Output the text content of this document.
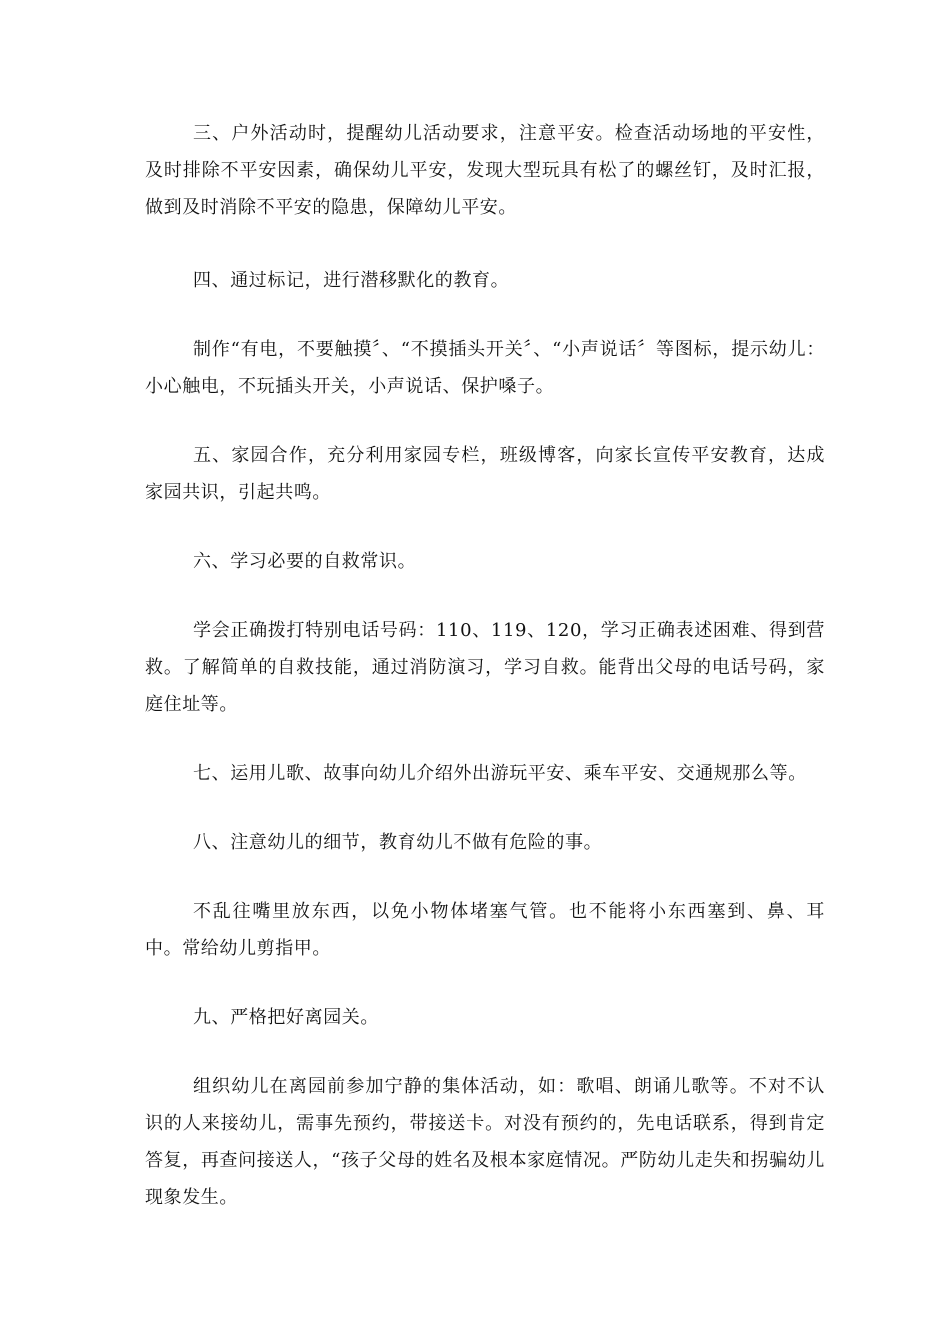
三、户外活动时，提醒幼儿活动要求，注意平安。检查活动场地的平安性，及时排除不平安因素，确保幼儿平安，发现大型玩具有松了的螺丝钉，及时汇报，做到及时消除不平安的隐患，保障幼儿平安。

四、通过标记，进行潜移默化的教育。

制作“有电，不要触摸〞、“不摸插头开关〞、“小声说话〞等图标，提示幼儿：小心触电，不玩插头开关，小声说话、保护嗓子。

五、家园合作，充分利用家园专栏，班级博客，向家长宣传平安教育，达成家园共识，引起共鸣。

六、学习必要的自救常识。

学会正确拨打特别电话号码：110、119、120，学习正确表述困难、得到营救。了解简单的自救技能，通过消防演习，学习自救。能背出父母的电话号码，家庭住址等。

七、运用儿歌、故事向幼儿介绍外出游玩平安、乘车平安、交通规那么等。

八、注意幼儿的细节，教育幼儿不做有危险的事。

不乱往嘴里放东西，以免小物体堵塞气管。也不能将小东西塞到、鼻、耳中。常给幼儿剪指甲。

九、严格把好离园关。

组织幼儿在离园前参加宁静的集体活动，如：歌唱、朗诵儿歌等。不对不认识的人来接幼儿，需事先预约，带接送卡。对没有预约的，先电话联系，得到肯定答复，再查问接送人，“孩子父母的姓名及根本家庭情况。严防幼儿走失和拐骗幼儿现象发生。
